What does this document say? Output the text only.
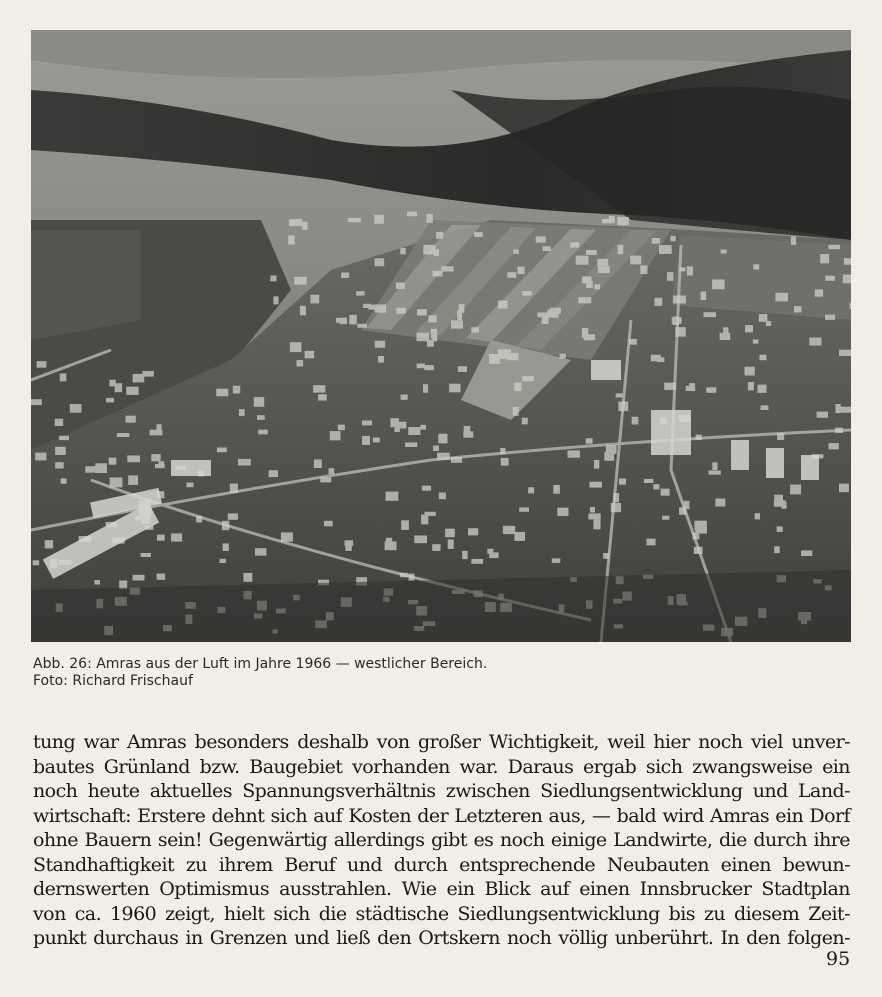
Abb. 26: Amras aus der Luft im Jahre 1966 — westlicher Bereich.
Foto: Richard Frischauf
tung war Amras besonders deshalb von großer Wichtigkeit, weil hier noch viel unver-
bautes Grünland bzw. Baugebiet vorhanden war. Daraus ergab sich zwangsweise ein
noch heute aktuelles Spannungsverhältnis zwischen Siedlungsentwicklung und Land-
wirtschaft: Erstere dehnt sich auf Kosten der Letzteren aus, — bald wird Amras ein Dorf
ohne Bauern sein! Gegenwärtig allerdings gibt es noch einige Landwirte, die durch ihre
Standhaftigkeit zu ihrem Beruf und durch entsprechende Neubauten einen bewun-
dernswerten Optimismus ausstrahlen. Wie ein Blick auf einen Innsbrucker Stadtplan
von ca. 1960 zeigt, hielt sich die städtische Siedlungsentwicklung bis zu diesem Zeit-
punkt durchaus in Grenzen und ließ den Ortskern noch völlig unberührt. In den folgen-
95
